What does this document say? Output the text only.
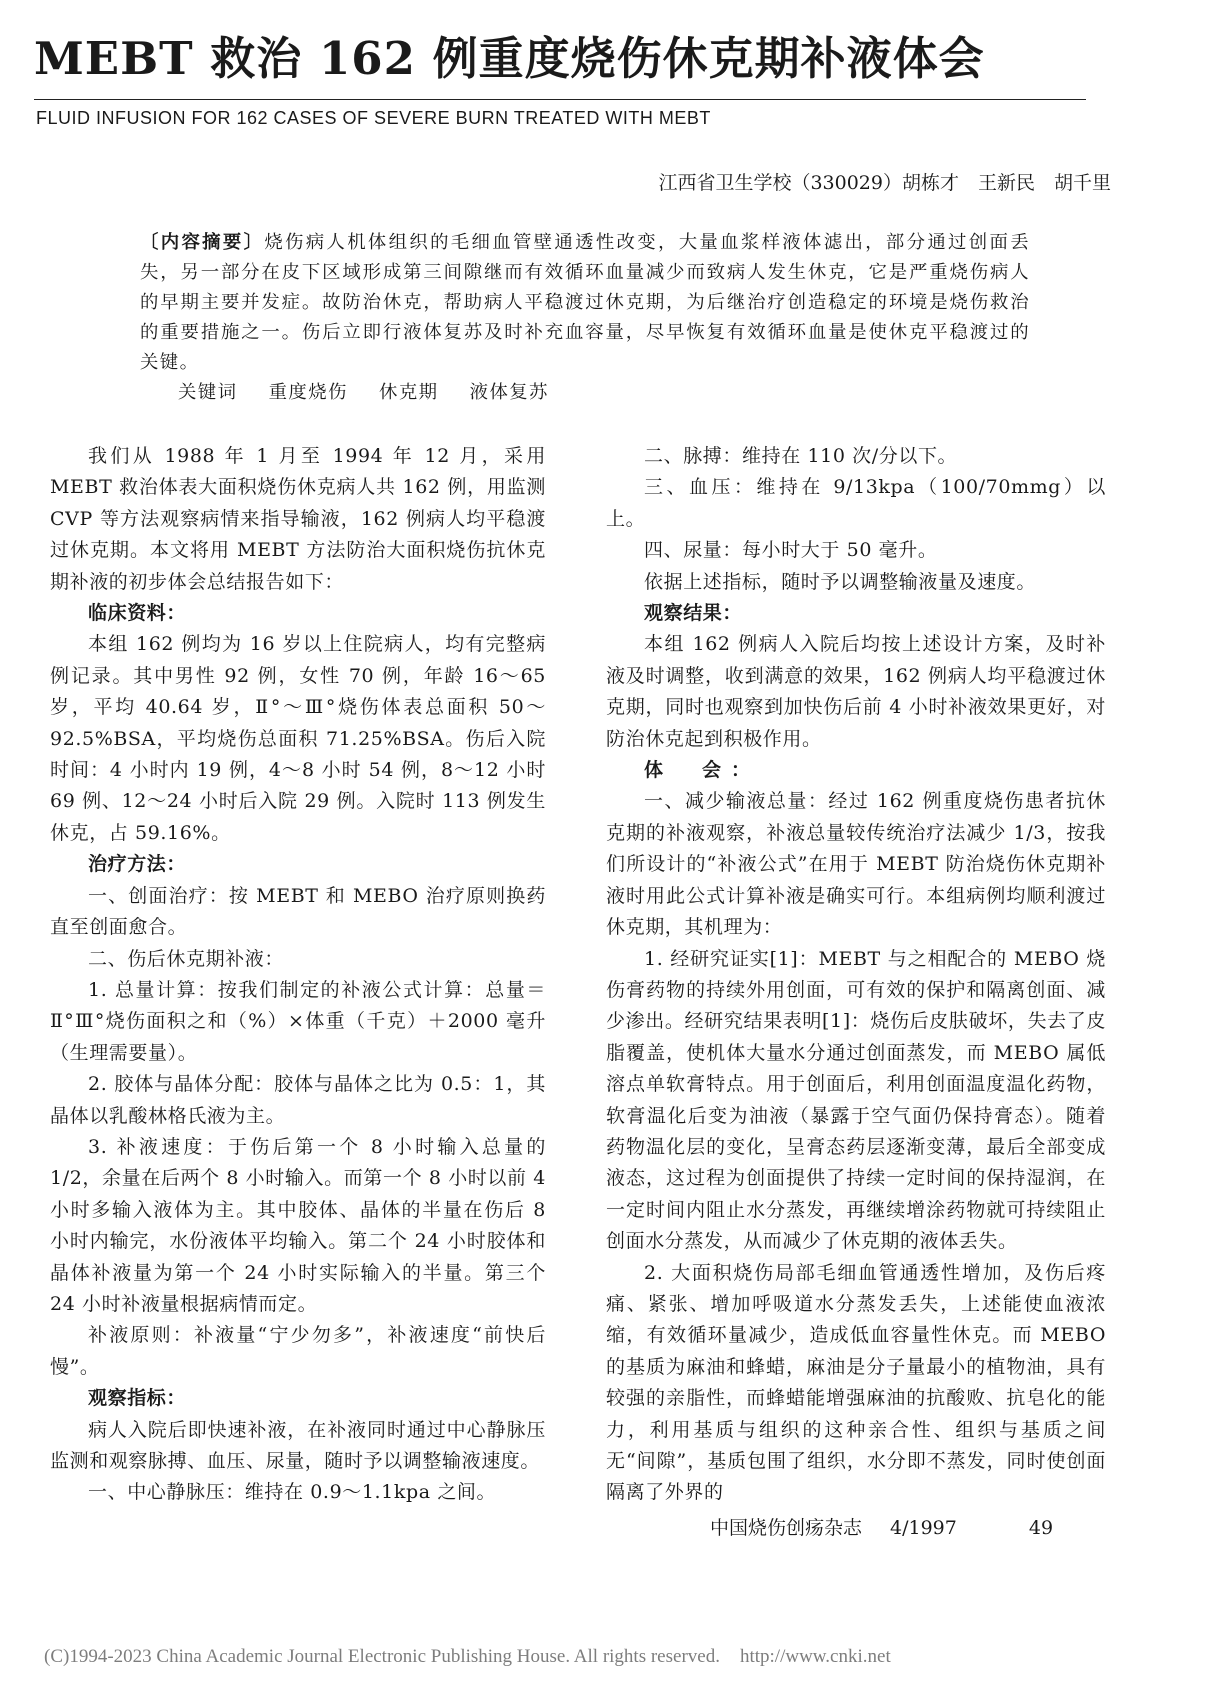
MEBT 救治 162 例重度烧伤休克期补液体会
FLUID INFUSION FOR 162 CASES OF SEVERE BURN TREATED WITH MEBT
江西省卫生学校（330029）胡栋才　王新民　胡千里
〔内容摘要〕烧伤病人机体组织的毛细血管壁通透性改变，大量血浆样液体滤出，部分通过创面丢失，另一部分在皮下区域形成第三间隙继而有效循环血量减少而致病人发生休克，它是严重烧伤病人的早期主要并发症。故防治休克，帮助病人平稳渡过休克期，为后继治疗创造稳定的环境是烧伤救治的重要措施之一。伤后立即行液体复苏及时补充血容量，尽早恢复有效循环血量是使休克平稳渡过的关键。
关键词 重度烧伤 休克期 液体复苏

我们从 1988 年 1 月至 1994 年 12 月，采用 MEBT 救治体表大面积烧伤休克病人共 162 例，用监测 CVP 等方法观察病情来指导输液，162 例病人均平稳渡过休克期。本文将用 MEBT 方法防治大面积烧伤抗休克期补液的初步体会总结报告如下：

临床资料：

本组 162 例均为 16 岁以上住院病人，均有完整病例记录。其中男性 92 例，女性 70 例，年龄 16～65 岁，平均 40.64 岁，Ⅱ°～Ⅲ°烧伤体表总面积 50～92.5%BSA，平均烧伤总面积 71.25%BSA。伤后入院时间：4 小时内 19 例，4～8 小时 54 例，8～12 小时 69 例、12～24 小时后入院 29 例。入院时 113 例发生休克，占 59.16%。

治疗方法：

一、创面治疗：按 MEBT 和 MEBO 治疗原则换药直至创面愈合。

二、伤后休克期补液：

1. 总量计算：按我们制定的补液公式计算：总量＝Ⅱ°Ⅲ°烧伤面积之和（%）×体重（千克）＋2000 毫升（生理需要量）。

2. 胶体与晶体分配：胶体与晶体之比为 0.5：1，其晶体以乳酸林格氏液为主。

3. 补液速度：于伤后第一个 8 小时输入总量的 1/2，余量在后两个 8 小时输入。而第一个 8 小时以前 4 小时多输入液体为主。其中胶体、晶体的半量在伤后 8 小时内输完，水份液体平均输入。第二个 24 小时胶体和晶体补液量为第一个 24 小时实际输入的半量。第三个 24 小时补液量根据病情而定。

补液原则：补液量“宁少勿多”，补液速度“前快后慢”。

观察指标：

病人入院后即快速补液，在补液同时通过中心静脉压监测和观察脉搏、血压、尿量，随时予以调整输液速度。

一、中心静脉压：维持在 0.9～1.1kpa 之间。

二、脉搏：维持在 110 次/分以下。

三、血压：维持在 9/13kpa（100/70mmg）以上。

四、尿量：每小时大于 50 毫升。

依据上述指标，随时予以调整输液量及速度。

观察结果：

本组 162 例病人入院后均按上述设计方案，及时补液及时调整，收到满意的效果，162 例病人均平稳渡过休克期，同时也观察到加快伤后前 4 小时补液效果更好，对防治休克起到积极作用。

体　会：

一、减少输液总量：经过 162 例重度烧伤患者抗休克期的补液观察，补液总量较传统治疗法减少 1/3，按我们所设计的“补液公式”在用于 MEBT 防治烧伤休克期补液时用此公式计算补液是确实可行。本组病例均顺利渡过休克期，其机理为：

1. 经研究证实[1]：MEBT 与之相配合的 MEBO 烧伤膏药物的持续外用创面，可有效的保护和隔离创面、减少渗出。经研究结果表明[1]：烧伤后皮肤破坏，失去了皮脂覆盖，使机体大量水分通过创面蒸发，而 MEBO 属低溶点单软膏特点。用于创面后，利用创面温度温化药物，软膏温化后变为油液（暴露于空气面仍保持膏态）。随着药物温化层的变化，呈膏态药层逐渐变薄，最后全部变成液态，这过程为创面提供了持续一定时间的保持湿润，在一定时间内阻止水分蒸发，再继续增涂药物就可持续阻止创面水分蒸发，从而减少了休克期的液体丢失。

2. 大面积烧伤局部毛细血管通透性增加，及伤后疼痛、紧张、增加呼吸道水分蒸发丢失，上述能使血液浓缩，有效循环量减少，造成低血容量性休克。而 MEBO 的基质为麻油和蜂蜡，麻油是分子量最小的植物油，具有较强的亲脂性，而蜂蜡能增强麻油的抗酸败、抗皂化的能力，利用基质与组织的这种亲合性、组织与基质之间无“间隙”，基质包围了组织，水分即不蒸发，同时使创面隔离了外界的

中国烧伤创疡杂志 4/1997	49
(C)1994-2023 China Academic Journal Electronic Publishing House. All rights reserved. http://www.cnki.net
